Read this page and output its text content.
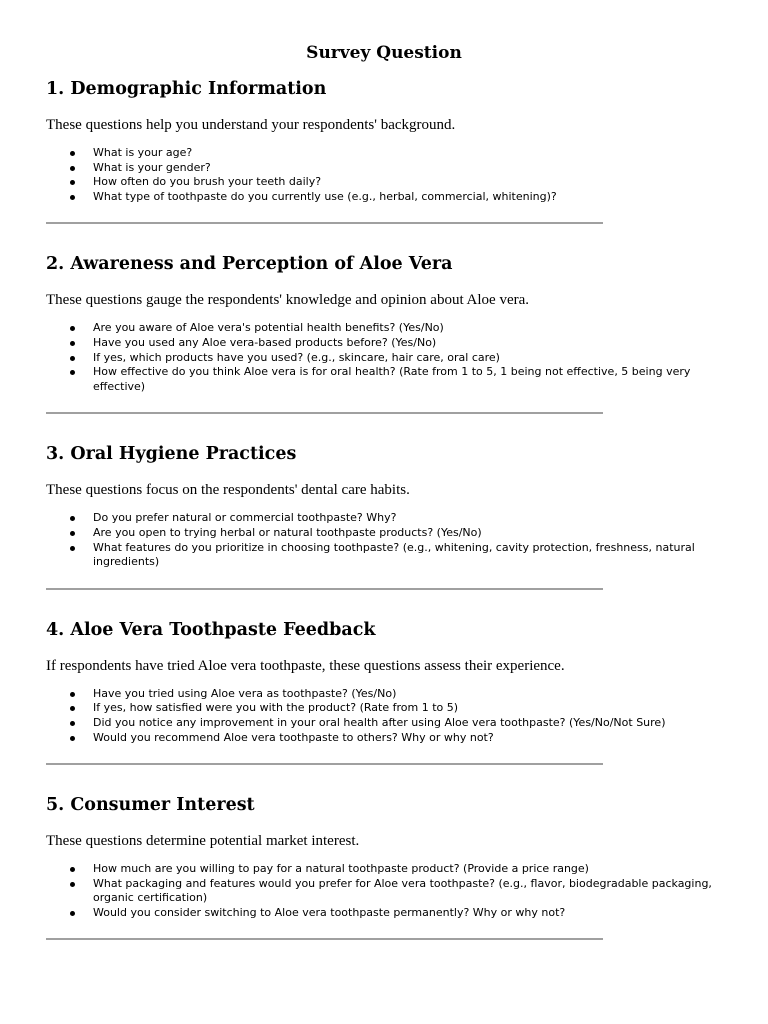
Survey Question
1. Demographic Information

These questions help you understand your respondents' background.

What is your age?
What is your gender?
How often do you brush your teeth daily?
What type of toothpaste do you currently use (e.g., herbal, commercial, whitening)?
2. Awareness and Perception of Aloe Vera

These questions gauge the respondents' knowledge and opinion about Aloe vera.

Are you aware of Aloe vera's potential health benefits? (Yes/No)
Have you used any Aloe vera-based products before? (Yes/No)
If yes, which products have you used? (e.g., skincare, hair care, oral care)
How effective do you think Aloe vera is for oral health? (Rate from 1 to 5, 1 being not effective, 5 being very effective)
3. Oral Hygiene Practices

These questions focus on the respondents' dental care habits.

Do you prefer natural or commercial toothpaste? Why?
Are you open to trying herbal or natural toothpaste products? (Yes/No)
What features do you prioritize in choosing toothpaste? (e.g., whitening, cavity protection, freshness, natural ingredients)
4. Aloe Vera Toothpaste Feedback

If respondents have tried Aloe vera toothpaste, these questions assess their experience.

Have you tried using Aloe vera as toothpaste? (Yes/No)
If yes, how satisfied were you with the product? (Rate from 1 to 5)
Did you notice any improvement in your oral health after using Aloe vera toothpaste? (Yes/No/Not Sure)
Would you recommend Aloe vera toothpaste to others? Why or why not?
5. Consumer Interest

These questions determine potential market interest.

How much are you willing to pay for a natural toothpaste product? (Provide a price range)
What packaging and features would you prefer for Aloe vera toothpaste? (e.g., flavor, biodegradable packaging, organic certification)
Would you consider switching to Aloe vera toothpaste permanently? Why or why not?
